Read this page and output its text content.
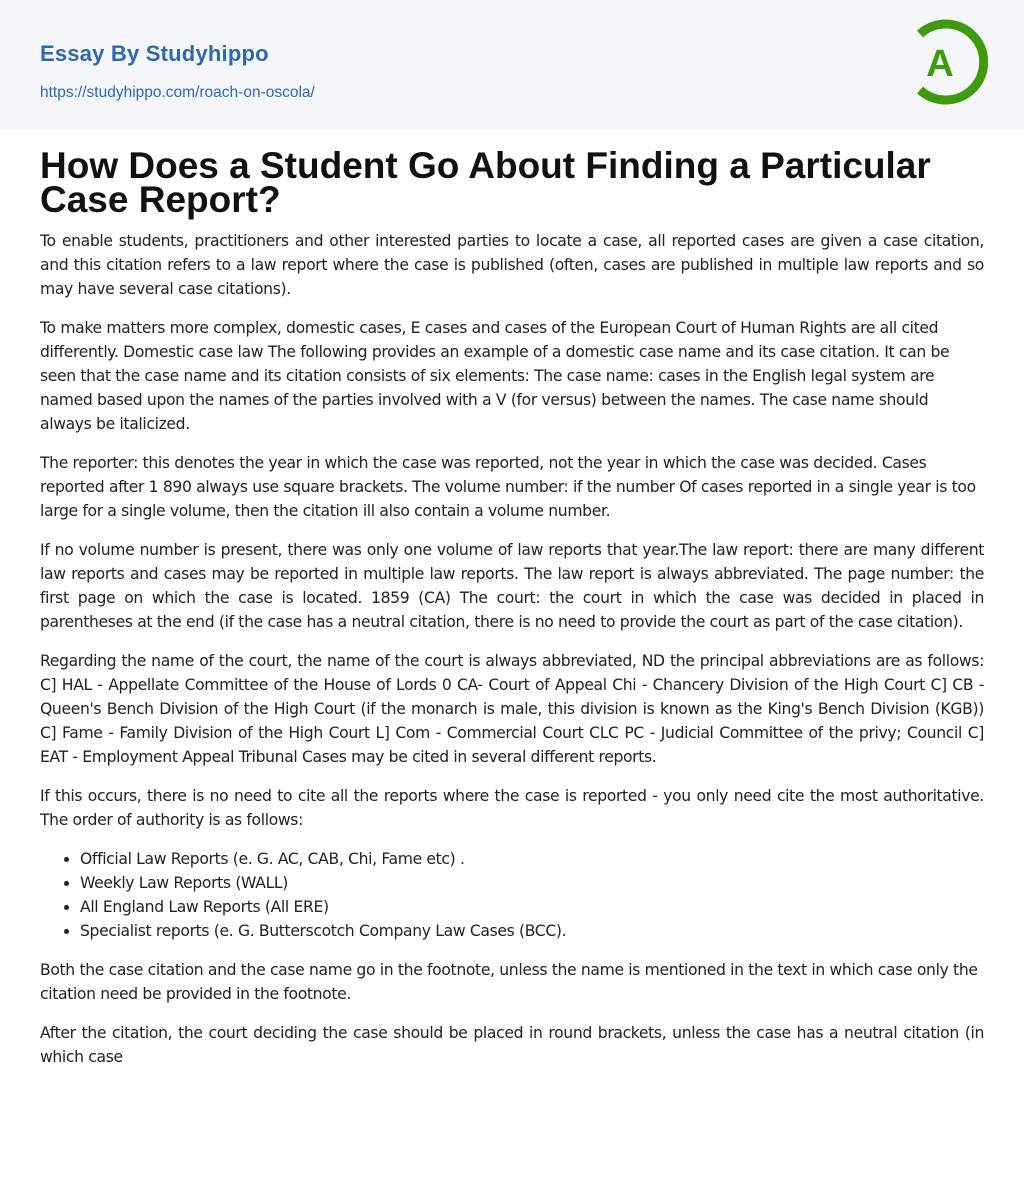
Essay By Studyhippo
https://studyhippo.com/roach-on-oscola/
A
How Does a Student Go About Finding a Particular Case Report?

To enable students, practitioners and other interested parties to locate a case, all reported cases are given a case citation, and this citation refers to a law report where the case is published (often, cases are published in multiple law reports and so may have several case citations).

To make matters more complex, domestic cases, E cases and cases of the European Court of Human Rights are all cited differently. Domestic case law The following provides an example of a domestic case name and its case citation. It can be seen that the case name and its citation consists of six elements: The case name: cases in the English legal system are named based upon the names of the parties involved with a V (for versus) between the names. The case name should always be italicized.

The reporter: this denotes the year in which the case was reported, not the year in which the case was decided. Cases reported after 1 890 always use square brackets. The volume number: if the number Of cases reported in a single year is too large for a single volume, then the citation ill also contain a volume number.

If no volume number is present, there was only one volume of law reports that year.The law report: there are many different law reports and cases may be reported in multiple law reports. The law report is always abbreviated. The page number: the first page on which the case is located. 1859 (CA) The court: the court in which the case was decided in placed in parentheses at the end (if the case has a neutral citation, there is no need to provide the court as part of the case citation).

Regarding the name of the court, the name of the court is always abbreviated, ND the principal abbreviations are as follows: C] HAL - Appellate Committee of the House of Lords 0 CA- Court of Appeal Chi - Chancery Division of the High Court C] CB - Queen's Bench Division of the High Court (if the monarch is male, this division is known as the King's Bench Division (KGB)) C] Fame - Family Division of the High Court L] Com - Commercial Court CLC PC - Judicial Committee of the privy; Council C] EAT - Employment Appeal Tribunal Cases may be cited in several different reports.

If this occurs, there is no need to cite all the reports where the case is reported - you only need cite the most authoritative. The order of authority is as follows:

• Official Law Reports (e. G. AC, CAB, Chi, Fame etc) .
• Weekly Law Reports (WALL)
• All England Law Reports (All ERE)
• Specialist reports (e. G. Butterscotch Company Law Cases (BCC).

Both the case citation and the case name go in the footnote, unless the name is mentioned in the text in which case only the citation need be provided in the footnote.

After the citation, the court deciding the case should be placed in round brackets, unless the case has a neutral citation (in which case
